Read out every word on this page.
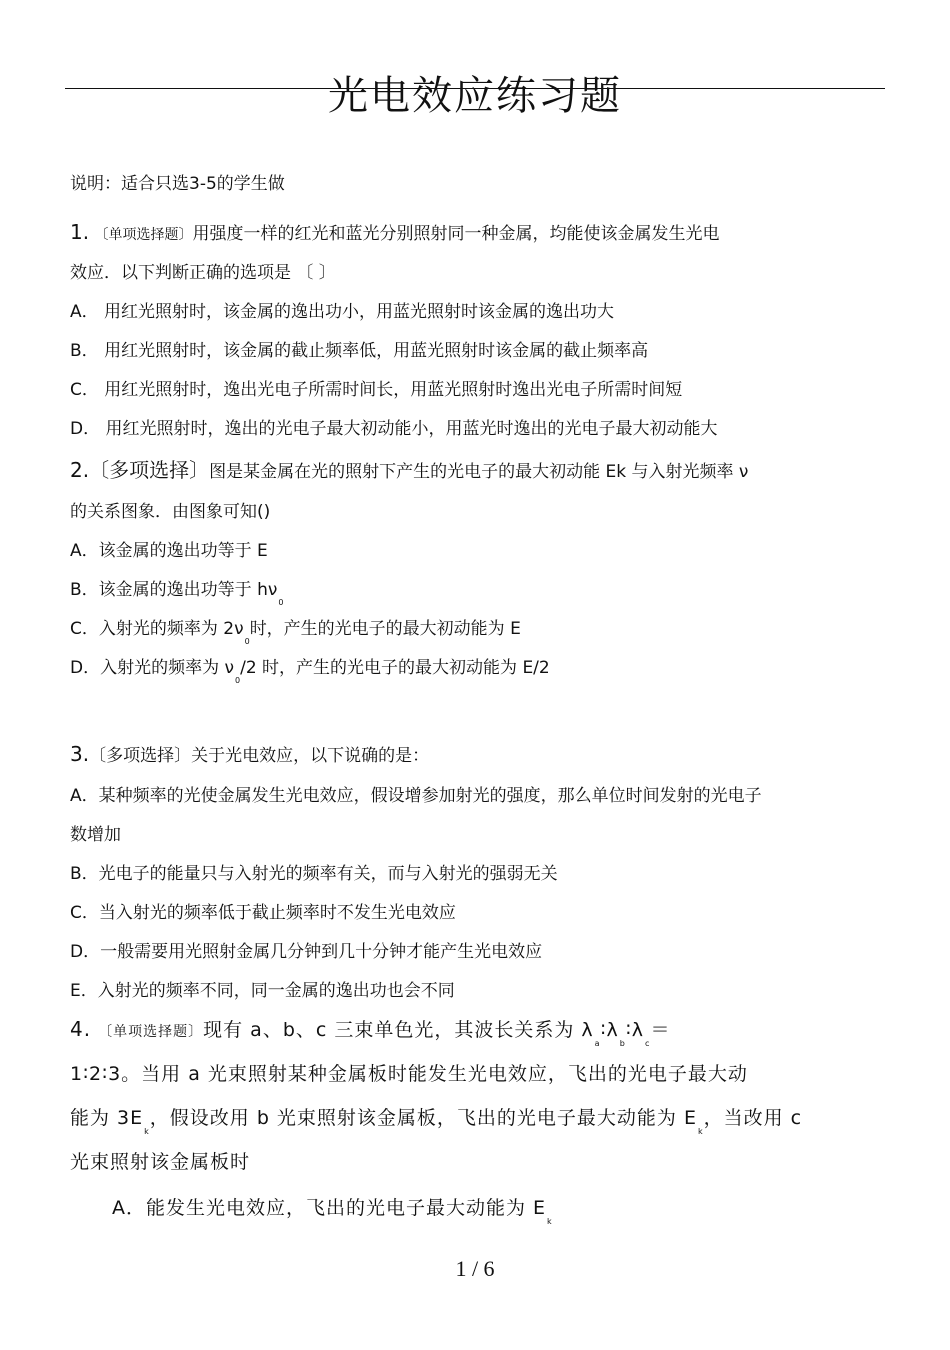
光电效应练习题
说明：适合只选3-5的学生做
1. 〔单项选择题〕用强度一样的红光和蓝光分别照射同一种金属，均能使该金属发生光电
效应．以下判断正确的选项是 〔 〕
A． 用红光照射时，该金属的逸出功小，用蓝光照射时该金属的逸出功大
B． 用红光照射时，该金属的截止频率低，用蓝光照射时该金属的截止频率高
C． 用红光照射时，逸出光电子所需时间长，用蓝光照射时逸出光电子所需时间短
D． 用红光照射时，逸出的光电子最大初动能小，用蓝光时逸出的光电子最大初动能大
2.〔多项选择〕图是某金属在光的照射下产生的光电子的最大初动能 Ek 与入射光频率 ν
的关系图象．由图象可知()
A．该金属的逸出功等于 E
B．该金属的逸出功等于 $h\nu_0$
C．入射光的频率为 $2\nu_0$时，产生的光电子的最大初动能为 E
D．入射光的频率为 $\nu_0/2$ 时，产生的光电子的最大初动能为 E/2
3.〔多项选择〕关于光电效应，以下说确的是：
A．某种频率的光使金属发生光电效应，假设增参加射光的强度，那么单位时间发射的光电子
数增加
B．光电子的能量只与入射光的频率有关，而与入射光的强弱无关
C．当入射光的频率低于截止频率时不发生光电效应
D．一般需要用光照射金属几分钟到几十分钟才能产生光电效应
E．入射光的频率不同，同一金属的逸出功也会不同
4. 〔单项选择题〕现有 a、b、c 三束单色光，其波长关系为 $\lambda_a∶\lambda_b∶\lambda_c=$
1∶2∶3。当用 a 光束照射某种金属板时能发生光电效应，飞出的光电子最大动
能为 $3E_k$，假设改用 b 光束照射该金属板，飞出的光电子最大动能为 $E_k$，当改用 c
光束照射该金属板时
A．能发生光电效应，飞出的光电子最大动能为 $E_k$
1 / 6
